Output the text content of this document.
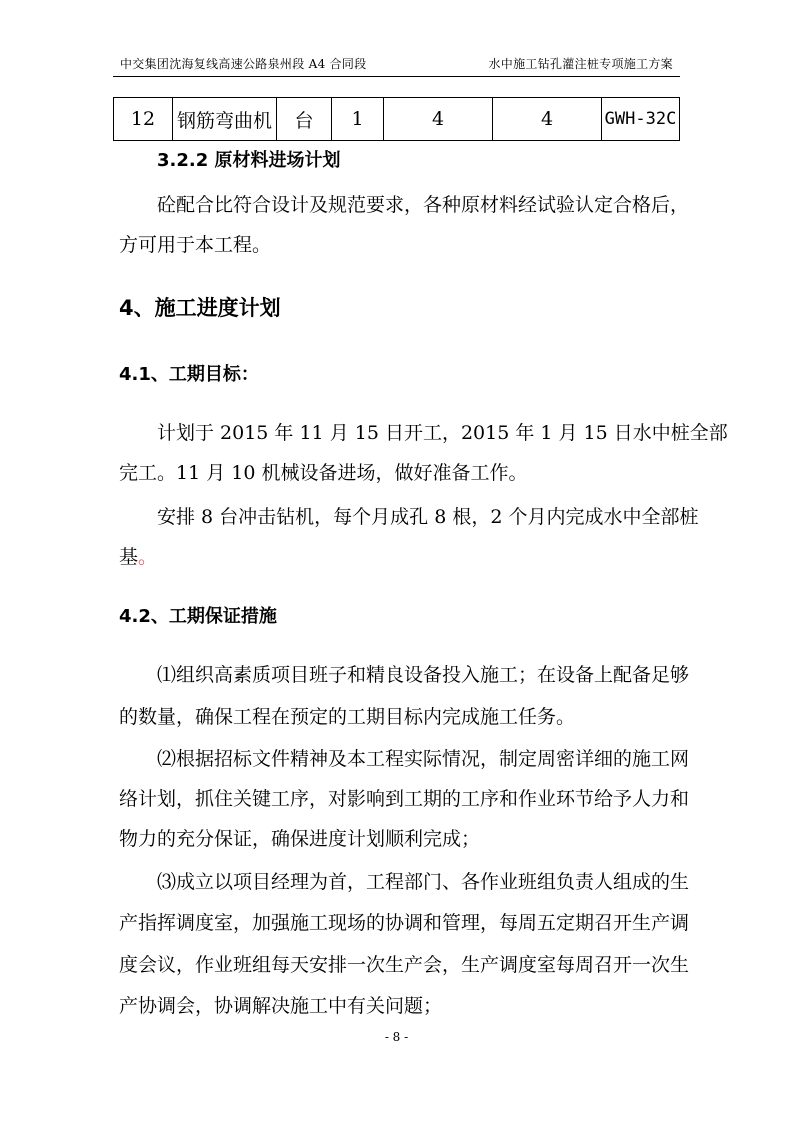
中交集团沈海复线高速公路泉州段 A4 合同段	水中施工钻孔灌注桩专项施工方案
12	钢筋弯曲机	台	1	4	4	GWH-32C
3.2.2 原材料进场计划
砼配合比符合设计及规范要求，各种原材料经试验认定合格后，
方可用于本工程。
4、施工进度计划
4.1、工期目标：
计划于 2015 年 11 月 15 日开工，2015 年 1 月 15 日水中桩全部
完工。11 月 10 机械设备进场，做好准备工作。
安排 8 台冲击钻机，每个月成孔 8 根，2 个月内完成水中全部桩
基。
4.2、工期保证措施
⑴组织高素质项目班子和精良设备投入施工；在设备上配备足够
的数量，确保工程在预定的工期目标内完成施工任务。
⑵根据招标文件精神及本工程实际情况，制定周密详细的施工网
络计划，抓住关键工序，对影响到工期的工序和作业环节给予人力和
物力的充分保证，确保进度计划顺利完成；
⑶成立以项目经理为首，工程部门、各作业班组负责人组成的生
产指挥调度室，加强施工现场的协调和管理，每周五定期召开生产调
度会议，作业班组每天安排一次生产会，生产调度室每周召开一次生
产协调会，协调解决施工中有关问题；
- 8 -
